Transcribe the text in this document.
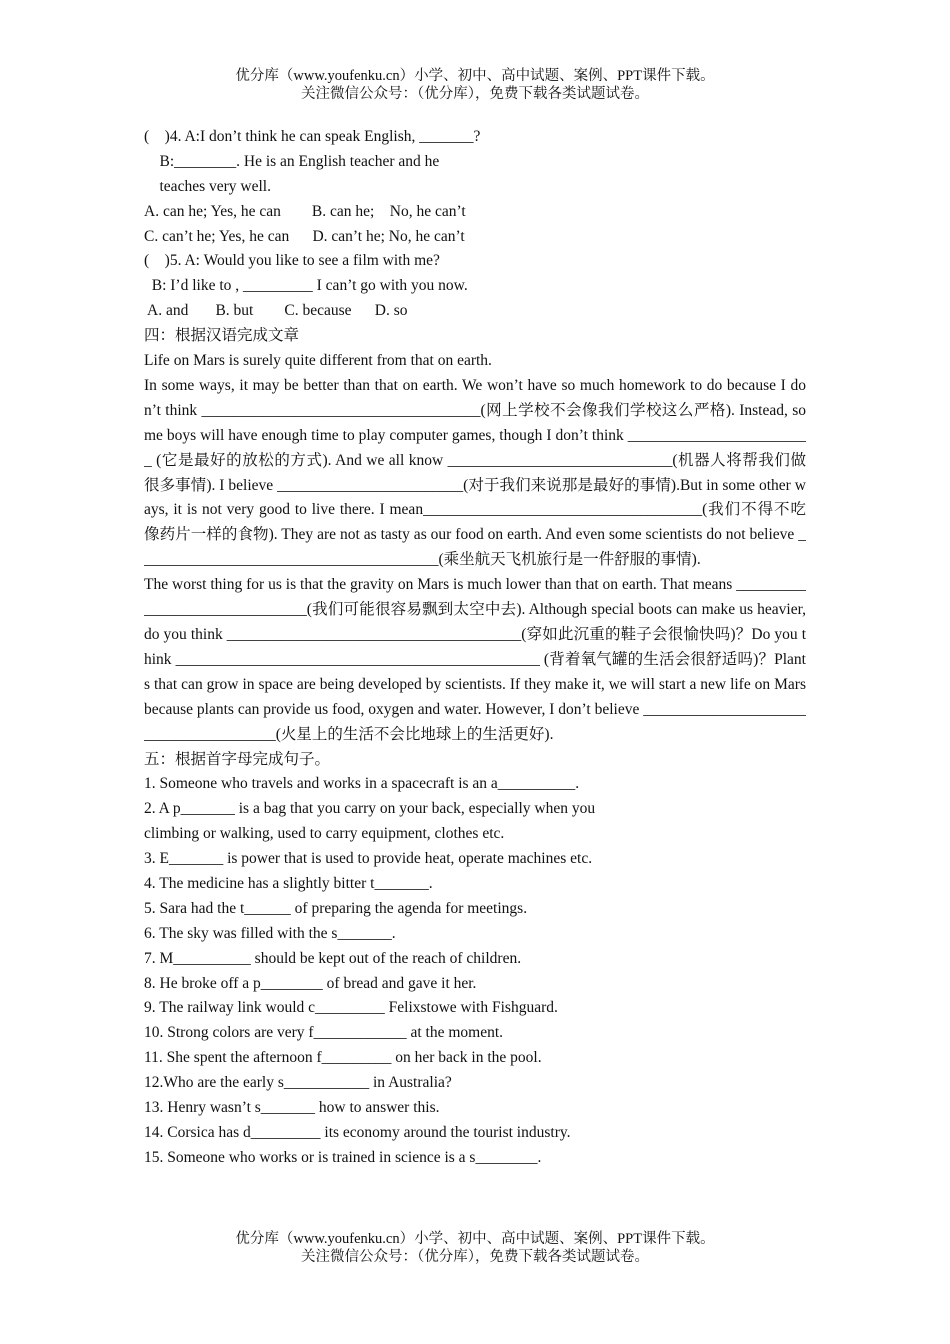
优分库（www.youfenku.cn）小学、初中、高中试题、案例、PPT课件下载。
关注微信公众号：（优分库），免费下载各类试题试卷。
(    )4. A:I don’t think he can speak English, _______?
B:________. He is an English teacher and he
teaches very well.
A. can he; Yes, he can        B. can he;    No, he can’t
C. can’t he; Yes, he can      D. can’t he; No, he can’t
(    )5. A: Would you like to see a film with me?
B: I’d like to , _________ I can’t go with you now.
A. and       B. but        C. because      D. so
四：根据汉语完成文章
Life on Mars is surely quite different from that on earth.
In some ways, it may be better than that on earth. We won’t have so much homework to do because I don’t think ____________________________________(网上学校不会像我们学校这么严格). Instead, some boys will have enough time to play computer games, though I don’t think ________________________ (它是最好的放松的方式). And we all know _____________________________(机器人将帮我们做很多事情). I believe ________________________(对于我们来说那是最好的事情).But in some other ways, it is not very good to live there. I mean____________________________________(我们不得不吃像药片一样的食物). They are not as tasty as our food on earth. And even some scientists do not believe _______________________________________(乘坐航天飞机旅行是一件舒服的事情).
The worst thing for us is that the gravity on Mars is much lower than that on earth. That means ______________________________(我们可能很容易飘到太空中去). Although special boots can make us heavier, do you think ______________________________________(穿如此沉重的鞋子会很愉快吗)？Do you think _______________________________________________ (背着氧气罐的生活会很舒适吗)？Plants that can grow in space are being developed by scientists. If they make it, we will start a new life on Mars because plants can provide us food, oxygen and water. However, I don’t believe ______________________________________(火星上的生活不会比地球上的生活更好).
五：根据首字母完成句子。
1. Someone who travels and works in a spacecraft is an a__________.
2. A p_______ is a bag that you carry on your back, especially when you
climbing or walking, used to carry equipment, clothes etc.
3. E_______ is power that is used to provide heat, operate machines etc.
4. The medicine has a slightly bitter t_______.
5. Sara had the t______ of preparing the agenda for meetings.
6. The sky was filled with the s_______.
7. M__________ should be kept out of the reach of children.
8. He broke off a p________ of bread and gave it her.
9. The railway link would c_________ Felixstowe with Fishguard.
10. Strong colors are very f____________ at the moment.
11. She spent the afternoon f_________ on her back in the pool.
12.Who are the early s___________ in Australia?
13. Henry wasn’t s_______ how to answer this.
14. Corsica has d_________ its economy around the tourist industry.
15. Someone who works or is trained in science is a s________.
优分库（www.youfenku.cn）小学、初中、高中试题、案例、PPT课件下载。
关注微信公众号：（优分库），免费下载各类试题试卷。
